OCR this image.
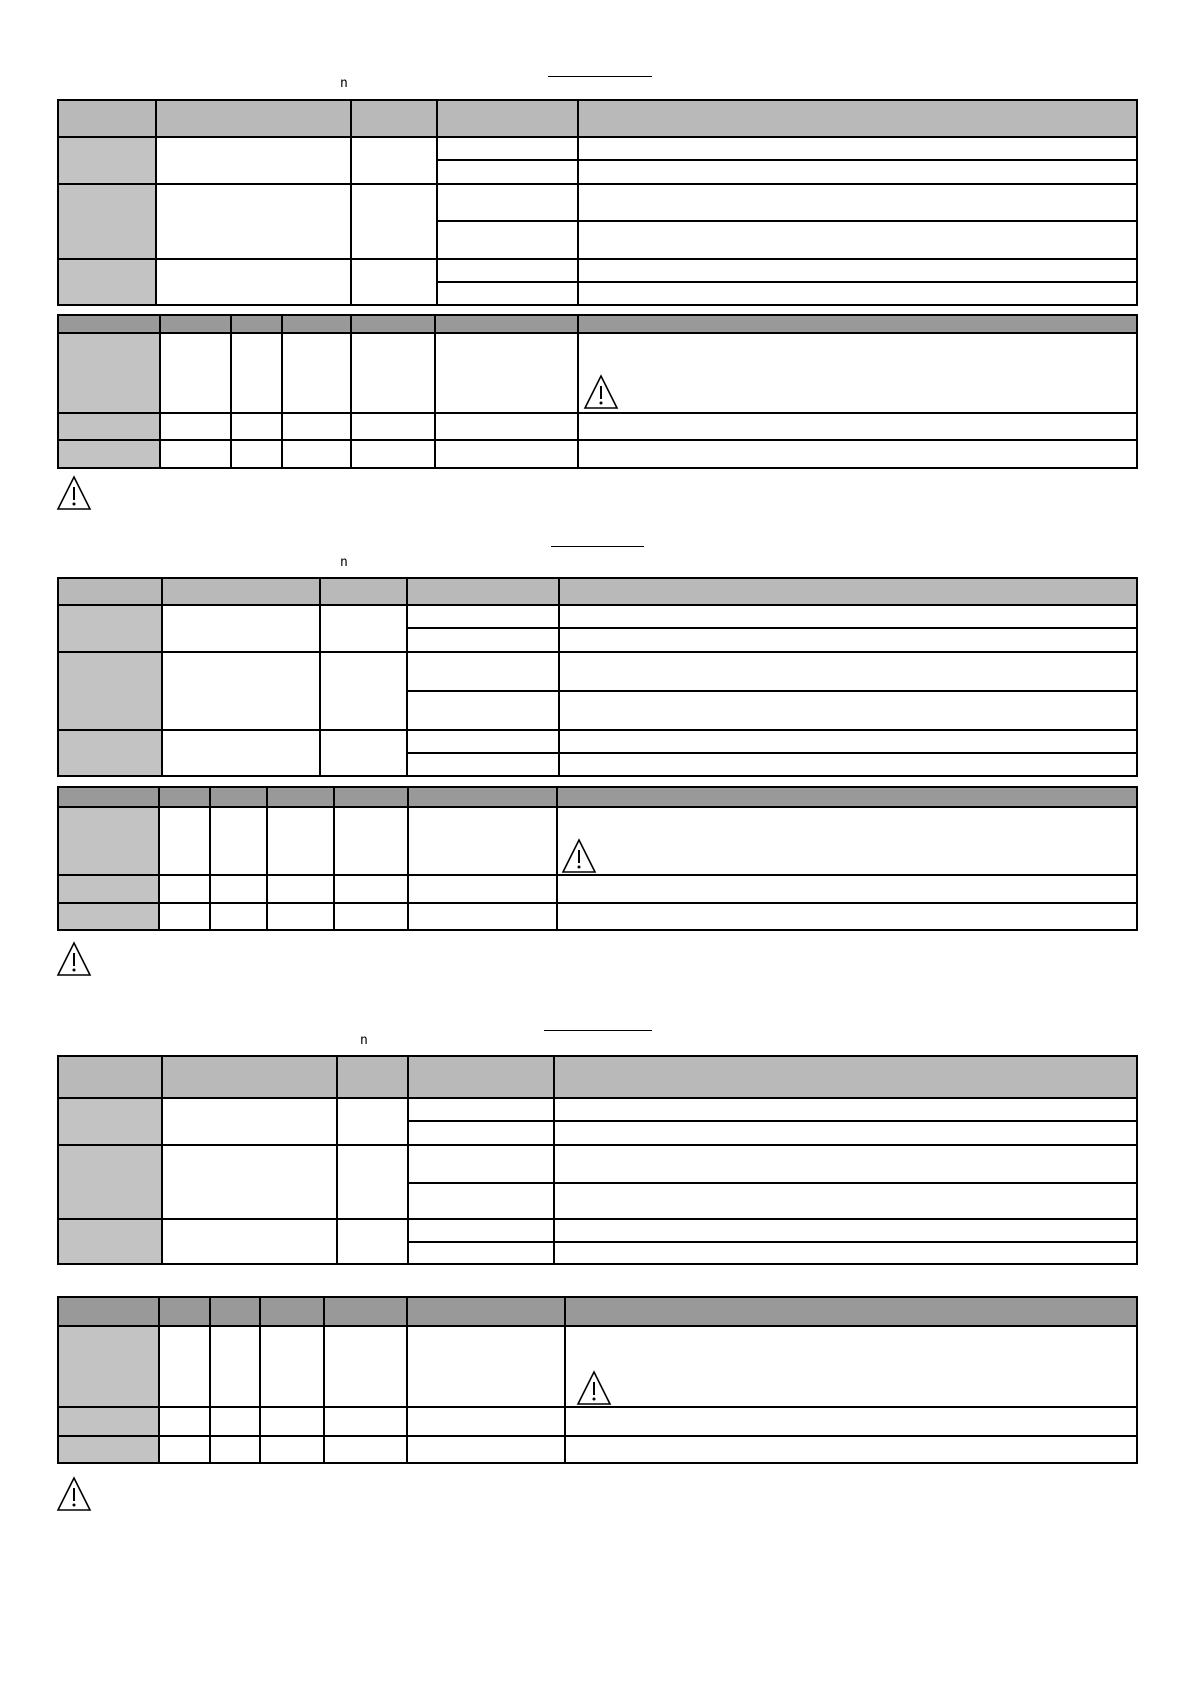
n
n
n
